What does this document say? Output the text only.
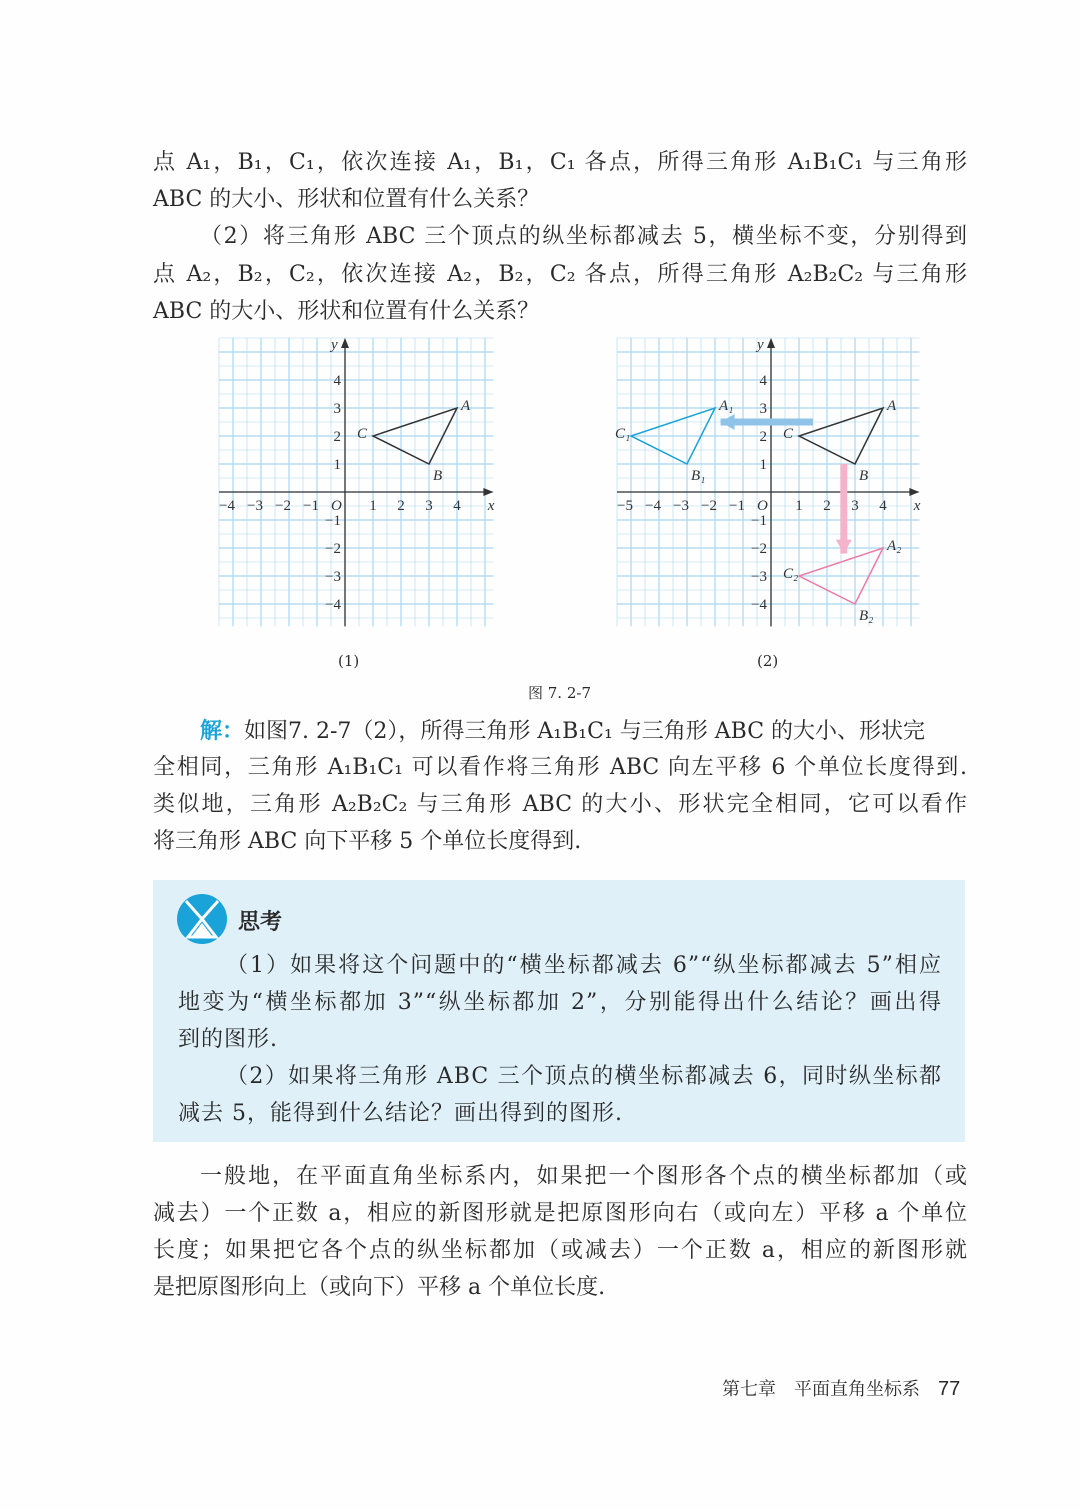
点 A₁，B₁，C₁，依次连接 A₁，B₁，C₁ 各点，所得三角形 A₁B₁C₁ 与三角形
ABC 的大小、形状和位置有什么关系？
（2）将三角形 ABC 三个顶点的纵坐标都减去 5，横坐标不变，分别得到
点 A₂，B₂，C₂，依次连接 A₂，B₂，C₂ 各点，所得三角形 A₂B₂C₂ 与三角形
ABC 的大小、形状和位置有什么关系？
−4 −3 −2 −1	1 2 3 4
4
3
2
1
−1
−2
−3
−4
x
y
O
A
B
C
−5 −4 −3 −2 −1	1 2 3 4
4
3
2
1
−1
−2
−3
−4
x
y
O
A
B
C
A₁
B₁
C₁
A₂
B₂
C₂
(1)	(2)
图 7. 2-7
解：如图7. 2-7（2），所得三角形 A₁B₁C₁ 与三角形 ABC 的大小、形状完
全相同，三角形 A₁B₁C₁ 可以看作将三角形 ABC 向左平移 6 个单位长度得到.
类似地，三角形 A₂B₂C₂ 与三角形 ABC 的大小、形状完全相同，它可以看作
将三角形 ABC 向下平移 5 个单位长度得到.
思考
（1）如果将这个问题中的“横坐标都减去 6”“纵坐标都减去 5”相应
地变为“横坐标都加 3”“纵坐标都加 2”，分别能得出什么结论？画出得
到的图形.
（2）如果将三角形 ABC 三个顶点的横坐标都减去 6，同时纵坐标都
减去 5，能得到什么结论？画出得到的图形.
一般地，在平面直角坐标系内，如果把一个图形各个点的横坐标都加（或
减去）一个正数 a，相应的新图形就是把原图形向右（或向左）平移 a 个单位
长度；如果把它各个点的纵坐标都加（或减去）一个正数 a，相应的新图形就
是把原图形向上（或向下）平移 a 个单位长度.
第七章　平面直角坐标系 77
